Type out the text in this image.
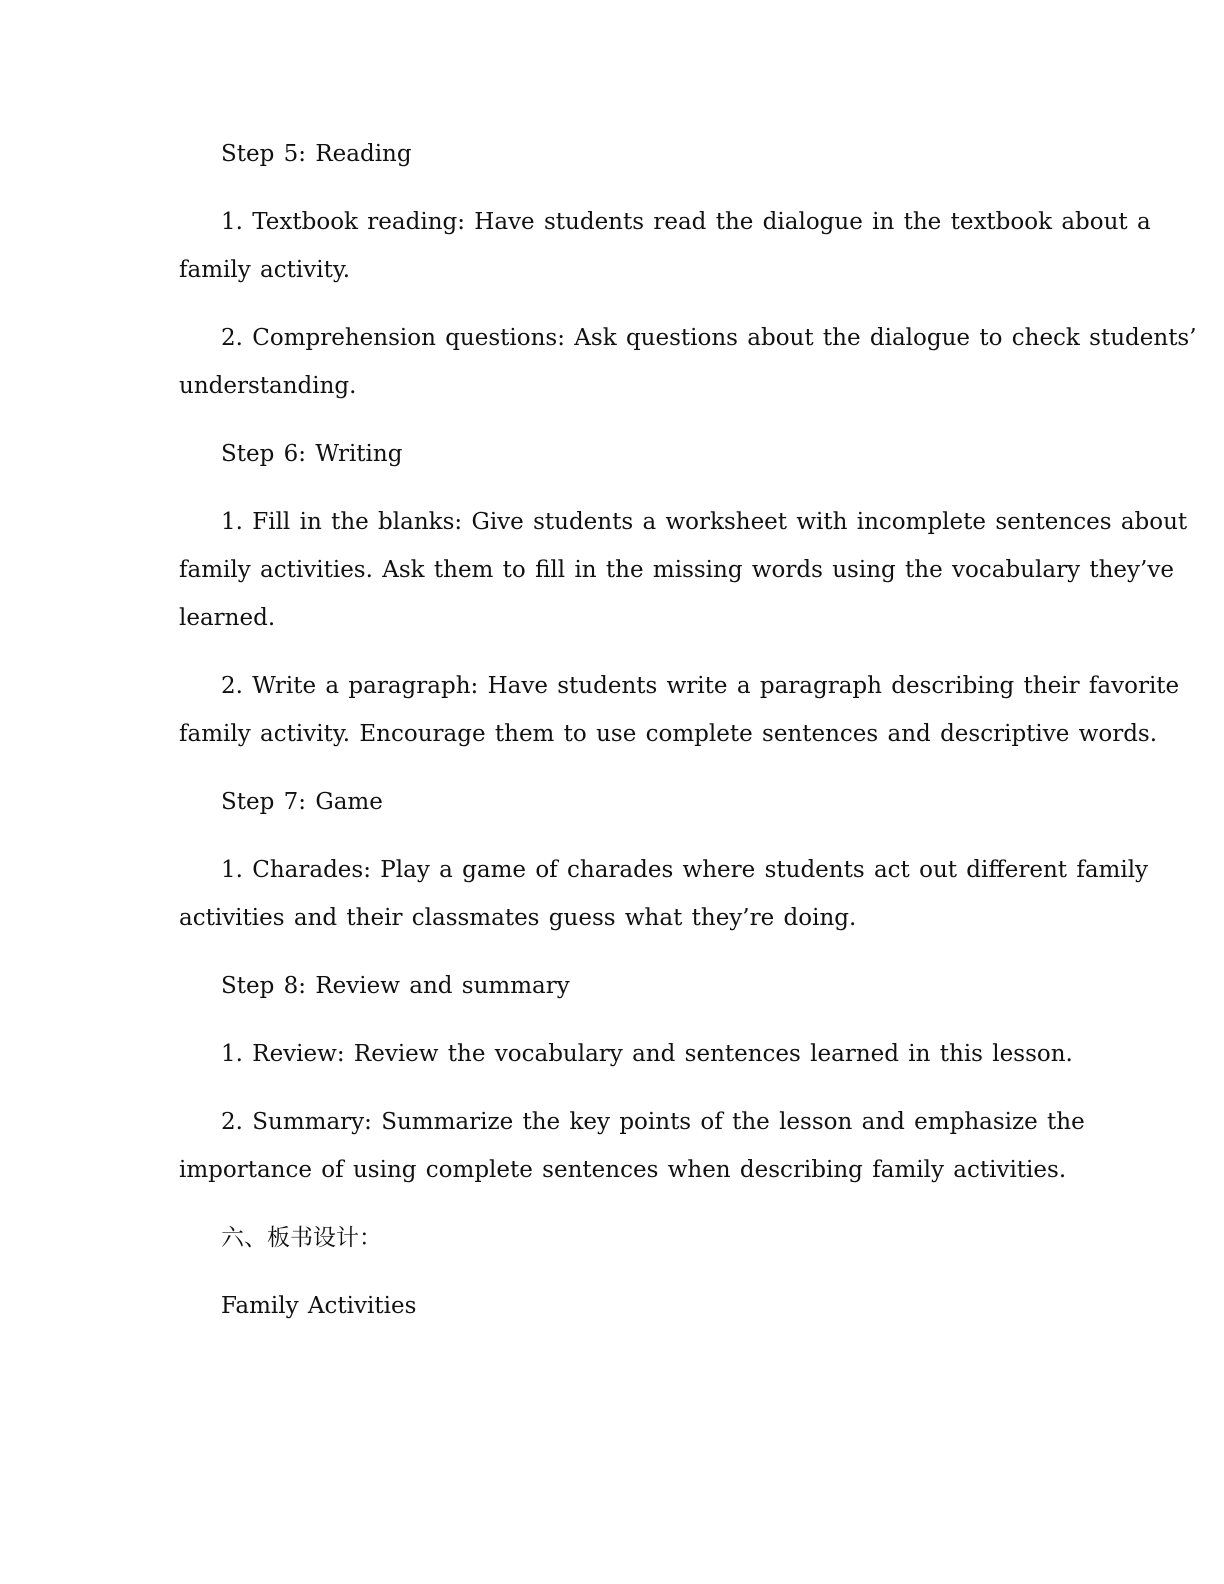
Step 5: Reading

1. Textbook reading: Have students read the dialogue in the textbook about a family activity.

2. Comprehension questions: Ask questions about the dialogue to check students’ understanding.

Step 6: Writing

1. Fill in the blanks: Give students a worksheet with incomplete sentences about family activities. Ask them to fill in the missing words using the vocabulary they’ve learned.

2. Write a paragraph: Have students write a paragraph describing their favorite family activity. Encourage them to use complete sentences and descriptive words.

Step 7: Game

1. Charades: Play a game of charades where students act out different family activities and their classmates guess what they’re doing.

Step 8: Review and summary

1. Review: Review the vocabulary and sentences learned in this lesson.

2. Summary: Summarize the key points of the lesson and emphasize the importance of using complete sentences when describing family activities.

六、板书设计：

Family Activities
